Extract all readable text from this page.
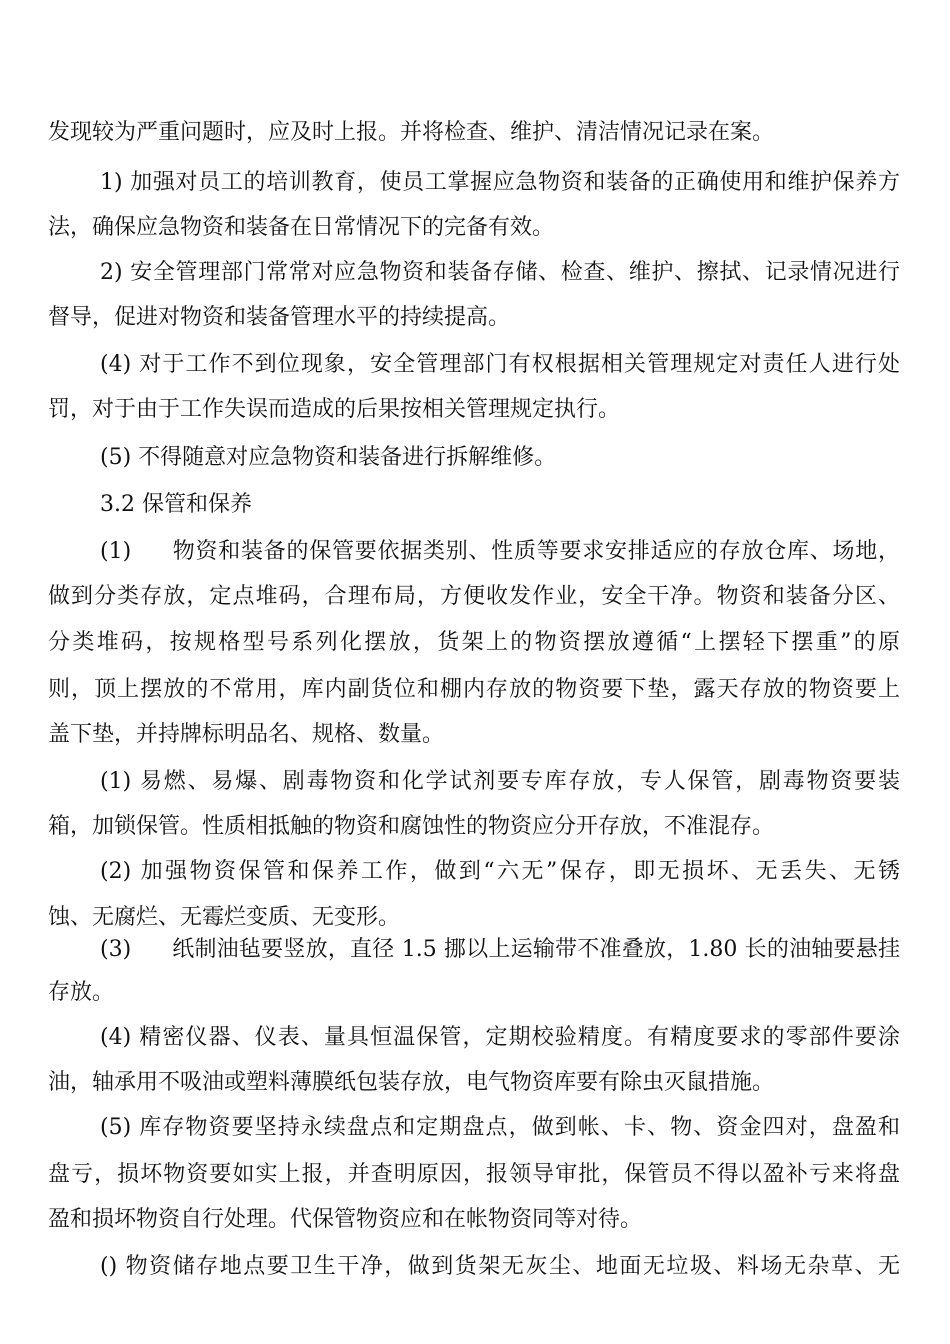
发现较为严重问题时，应及时上报。并将检查、维护、清洁情况记录在案。
1) 加强对员工的培训教育，使员工掌握应急物资和装备的正确使用和维护保养方
法，确保应急物资和装备在日常情况下的完备有效。
2) 安全管理部门常常对应急物资和装备存储、检查、维护、擦拭、记录情况进行
督导，促进对物资和装备管理水平的持续提高。
(4) 对于工作不到位现象，安全管理部门有权根据相关管理规定对责任人进行处
罚，对于由于工作失误而造成的后果按相关管理规定执行。
(5) 不得随意对应急物资和装备进行拆解维修。
3.2 保管和保养
(1) 物资和装备的保管要依据类别、性质等要求安排适应的存放仓库、场地，
做到分类存放，定点堆码，合理布局，方便收发作业，安全干净。物资和装备分区、
分类堆码，按规格型号系列化摆放，货架上的物资摆放遵循“上摆轻下摆重”的原
则，顶上摆放的不常用，库内副货位和棚内存放的物资要下垫，露天存放的物资要上
盖下垫，并持牌标明品名、规格、数量。
(1) 易燃、易爆、剧毒物资和化学试剂要专库存放，专人保管，剧毒物资要装
箱，加锁保管。性质相抵触的物资和腐蚀性的物资应分开存放，不准混存。
(2) 加强物资保管和保养工作，做到“六无”保存，即无损坏、无丢失、无锈
蚀、无腐烂、无霉烂变质、无变形。
(3) 纸制油毡要竖放，直径 1.5 挪以上运输带不准叠放，1.80 长的油轴要悬挂
存放。
(4) 精密仪器、仪表、量具恒温保管，定期校验精度。有精度要求的零部件要涂
油，轴承用不吸油或塑料薄膜纸包装存放，电气物资库要有除虫灭鼠措施。
(5) 库存物资要坚持永续盘点和定期盘点，做到帐、卡、物、资金四对，盘盈和
盘亏，损坏物资要如实上报，并查明原因，报领导审批，保管员不得以盈补亏来将盘
盈和损坏物资自行处理。代保管物资应和在帐物资同等对待。
() 物资储存地点要卫生干净，做到货架无灰尘、地面无垃圾、料场无杂草、无
